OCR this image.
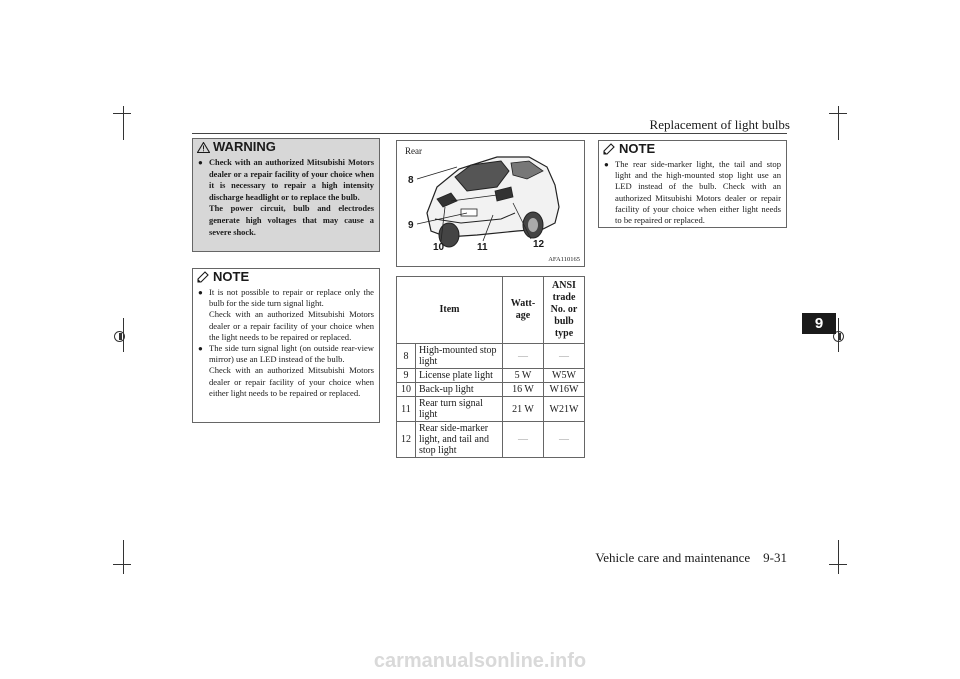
Replacement of light bulbs
9
WARNING
● Check with an authorized Mitsubishi Motors dealer or a repair facility of your choice when it is necessary to repair a high intensity discharge headlight or to replace the bulb.
The power circuit, bulb and electrodes generate high voltages that may cause a severe shock.
NOTE
● It is not possible to repair or replace only the bulb for the side turn signal light.
Check with an authorized Mitsubishi Motors dealer or a repair facility of your choice when the light needs to be repaired or replaced.
● The side turn signal light (on outside rear-view mirror) use an LED instead of the bulb.
Check with an authorized Mitsubishi Motors dealer or repair facility of your choice when either light needs to be repaired or replaced.
Rear
8
9
10	11	12
AFA110165
Item		Watt-age	ANSI trade No. or bulb type
8	High-mounted stop light	—	—
9	License plate light	5 W	W5W
10	Back-up light	16 W	W16W
11	Rear turn signal light	21 W	W21W
12	Rear side-marker light, and tail and stop light	—	—
NOTE
● The rear side-marker light, the tail and stop light and the high-mounted stop light use an LED instead of the bulb. Check with an authorized Mitsubishi Motors dealer or repair facility of your choice when either light needs to be repaired or replaced.
Vehicle care and maintenance    9-31
carmanualsonline.info
